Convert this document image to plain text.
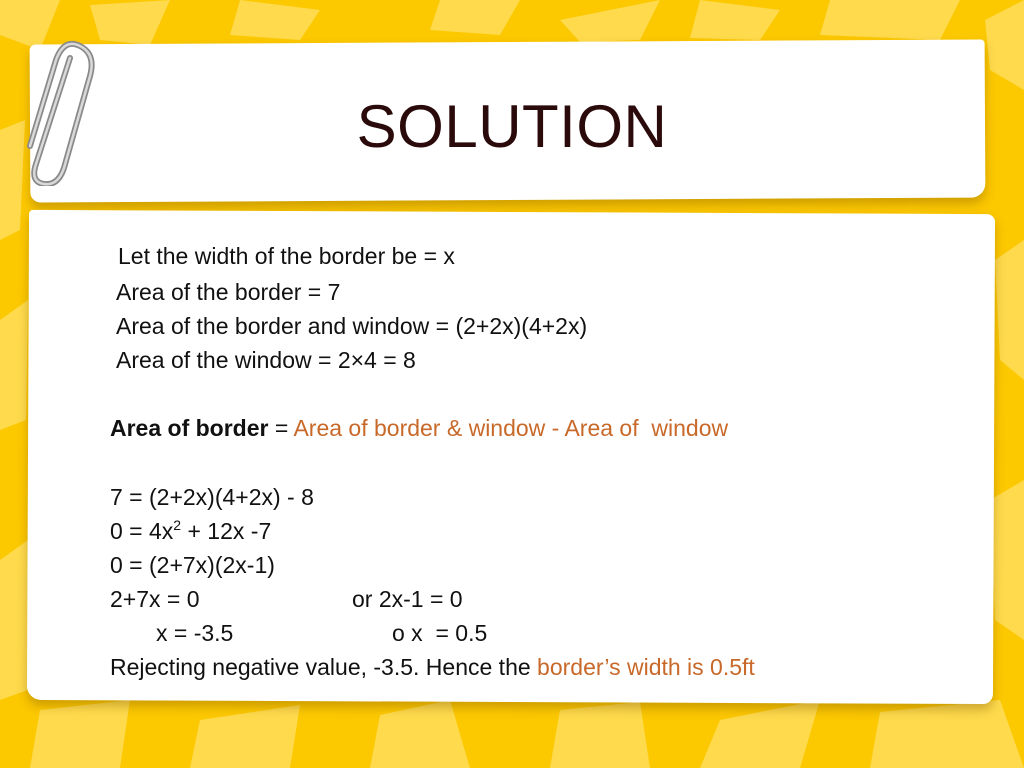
SOLUTION
Let the width of the border be = x
Area of the border = 7
Area of the border and window = (2+2x)(4+2x)
Area of the window = 2×4 = 8
Area of border = Area of border & window - Area of  window
7 = (2+2x)(4+2x) - 8
$0 = 4x^2 + 12x$ -7
0 = (2+7x)(2x-1)
2+7x = 0	or 2x-1 = 0
x = -3.5	o x  = 0.5
Rejecting negative value, -3.5. Hence the border’s width is 0.5ft
